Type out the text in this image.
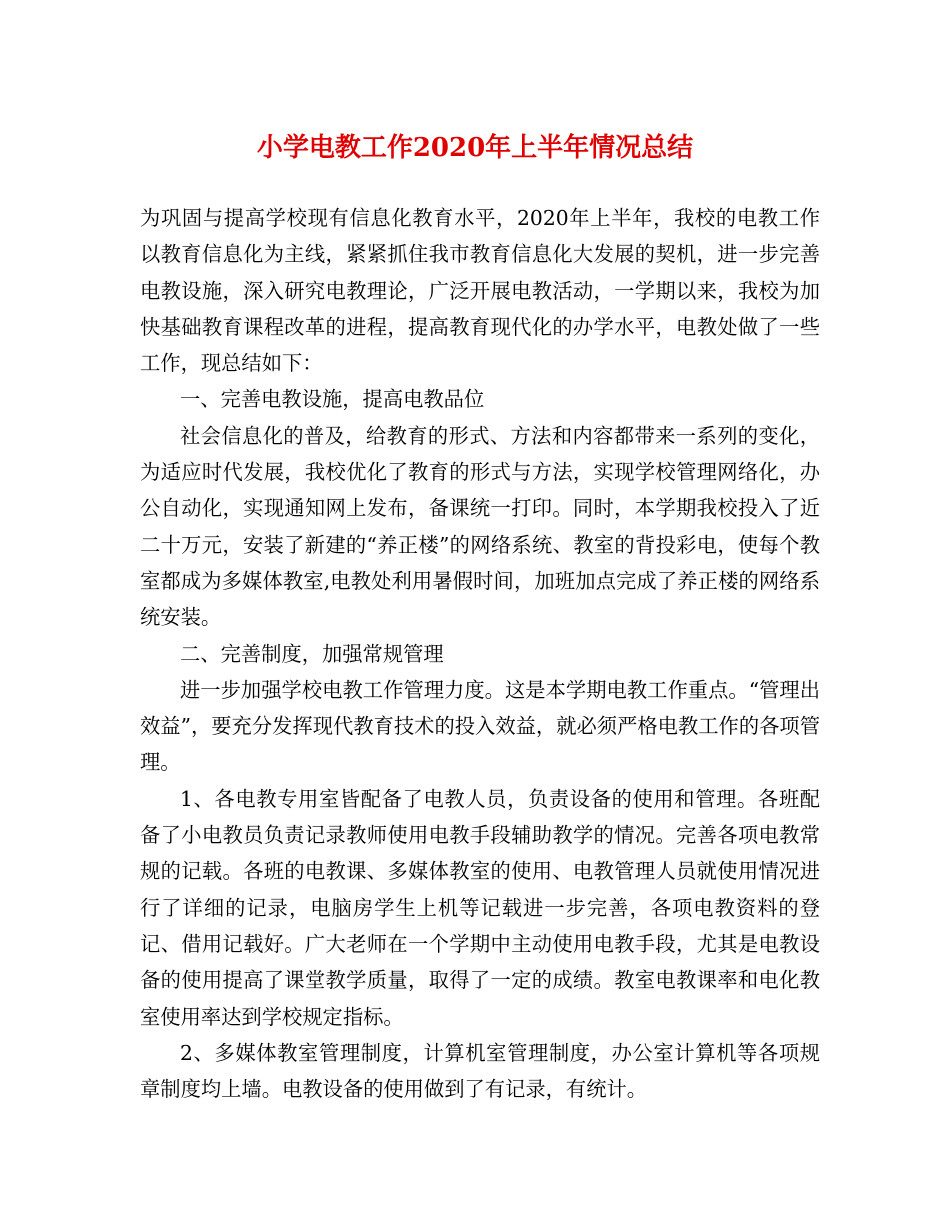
小学电教工作2020年上半年情况总结

为巩固与提高学校现有信息化教育水平，2020年上半年，我校的电教工作以教育信息化为主线，紧紧抓住我市教育信息化大发展的契机，进一步完善电教设施，深入研究电教理论，广泛开展电教活动，一学期以来，我校为加快基础教育课程改革的进程，提高教育现代化的办学水平，电教处做了一些工作，现总结如下：

一、完善电教设施，提高电教品位

社会信息化的普及，给教育的形式、方法和内容都带来一系列的变化，为适应时代发展，我校优化了教育的形式与方法，实现学校管理网络化，办公自动化，实现通知网上发布，备课统一打印。同时，本学期我校投入了近二十万元，安装了新建的“养正楼”的网络系统、教室的背投彩电，使每个教室都成为多媒体教室,电教处利用暑假时间，加班加点完成了养正楼的网络系统安装。

二、完善制度，加强常规管理

进一步加强学校电教工作管理力度。这是本学期电教工作重点。“管理出效益”，要充分发挥现代教育技术的投入效益，就必须严格电教工作的各项管理。

1、各电教专用室皆配备了电教人员，负责设备的使用和管理。各班配备了小电教员负责记录教师使用电教手段辅助教学的情况。完善各项电教常规的记载。各班的电教课、多媒体教室的使用、电教管理人员就使用情况进行了详细的记录，电脑房学生上机等记载进一步完善，各项电教资料的登记、借用记载好。广大老师在一个学期中主动使用电教手段，尤其是电教设备的使用提高了课堂教学质量，取得了一定的成绩。教室电教课率和电化教室使用率达到学校规定指标。

2、多媒体教室管理制度，计算机室管理制度，办公室计算机等各项规章制度均上墙。电教设备的使用做到了有记录，有统计。
